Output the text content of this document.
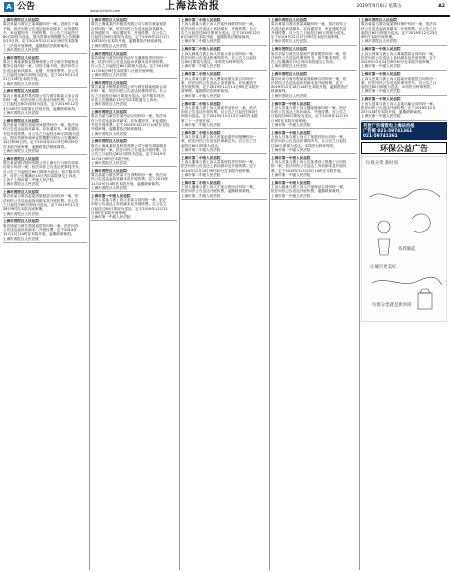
A 公告	www.shfazhi.com	上海法治报	2019年9月6日 星期五	A2
上海市普陀区人民法院
原告吴某与被告王某离婚纠纷一案，因被告下落
不明，依法向你公告送达起诉状副本、应诉通知
书、举证通知书、开庭传票。自公告之日起经过
60日即视为送达。提出答辩状的期限为公告期满
后15日内。定于2019年12月10日9时在本院第
十三法庭开庭审理，逾期将依法缺席裁判。
上海市普陀区人民法院
上海市普陀区人民法院
原告上海某某物业管理有限公司与被告李某物业
服务合同纠纷一案，因你下落不明，依法向你公
告送达起诉状副本、证据、开庭传票等。自公告
之日起经过60日即视为送达。定于2019年11月
21日10时在本院开庭。
上海市普陀区人民法院
上海市普陀区人民法院
原告上海某某贸易有限公司与被告陈某买卖合同
纠纷一案，依法向你公告送达开庭传票。自公告
之日起经过60日即视为送达，定于2019年12月
3日14时在本院第五法庭开庭，逾期缺席裁判。
上海市普陀区人民法院
上海市普陀区人民法院
原告张某与被告刘某民间借贷纠纷一案，依法向
你公告送达起诉状副本、应诉通知书、举证通知
书及开庭传票。自公告之日起经过60日即视为送
达，提出答辩状和举证的期限分别为公告期满后
15日和30日内。定于2019年12月5日9时30分
在本院开庭审理，逾期将依法缺席裁判。
上海市普陀区人民法院
上海市普陀区人民法院
原告某某银行股份有限公司上海分行与被告周某
信用卡纠纷一案，依法向你公告送达民事判决书。
自公告之日起经过60日即视为送达。如不服本判
决，可在公告期满后15日内向本院递交上诉状，
上诉于上海市第二中级人民法院。
上海市普陀区人民法院
上海市普陀区人民法院
原告孙某与被告赵某房屋租赁合同纠纷一案，依
法向你公告送达起诉状副本及开庭传票。自公告
之日起经过60日即视为送达。定于2019年11月
28日9时在本院开庭审理。
上海市普陀区人民法院
上海市普陀区人民法院
原告钱某与被告郑某追偿权纠纷一案，依法向你
公告送达起诉状副本、开庭传票。定于2019年
12月12日14时在本院开庭，逾期缺席裁判。
上海市普陀区人民法院
上海市普陀区人民法院
原告上海某某汽车租赁有限公司与被告黄某租赁
合同纠纷一案，依法向你公告送达起诉状副本、
应诉通知书、举证通知书、开庭传票。自公告之
日起经过60日即视为送达。定于2019年12月2日
13时30分在本院开庭，逾期将依法缺席裁判。
上海市普陀区人民法院
上海市普陀区人民法院
原告徐某与被告何某机动车交通事故责任纠纷一
案，依法向你公告送达起诉状副本及开庭传票。
自公告之日起经过60日即视为送达。定于2019年
11月26日9时在本院第八法庭开庭审理。
上海市普陀区人民法院
上海市普陀区人民法院
原告某某小额贷款有限公司与被告林某借款合同
纠纷一案，依法向你公告送达民事判决书。自公
告之日起经过60日即视为送达。如不服本判决，
可在公告期满后15日内向本院递交上诉状。
上海市普陀区人民法院
上海市普陀区人民法院
原告马某与被告朱某劳动合同纠纷一案，依法向
你公告送达起诉状副本、应诉通知书、举证通知
书及开庭传票。定于2019年12月9日10时在本院
开庭审理，逾期将依法缺席裁判。
上海市普陀区人民法院
上海市普陀区人民法院
原告上海某某信息科技有限公司与被告胡某服务
合同纠纷一案，依法向你公告送达开庭传票。自
公告之日起经过60日即视为送达。定于2019年
12月4日9时在本院开庭。
上海市普陀区人民法院
上海市普陀区人民法院
原告高某与被告罗某不当得利纠纷一案，依法向
你公告送达起诉状副本及开庭传票。定于2019年
11月29日14时在本院开庭，逾期缺席裁判。
上海市普陀区人民法院
上海市第一中级人民法院
上诉人梁某与被上诉人宋某合同纠纷一案，依法
向你公告送达上诉状副本及开庭传票。自公告之
日起经过60日即视为送达。定于2019年12月11
日9时在本院开庭审理。
上海市第一中级人民法院
上海市第二中级人民法院
上诉人唐某与被上诉人许某民间借贷纠纷一案，
依法向你公告送达上诉状副本、开庭传票。自公
告之日起经过60日即视为送达。定于2019年12月
6日14时在本院开庭，逾期将依法缺席裁判。
上海市第二中级人民法院
上海市第二中级人民法院
上诉人韩某与被上诉人冯某买卖合同纠纷一案，
依法向你公告送达民事判决书。自公告之日起经
过60日即视为送达，本判决为终审判决。
上海市第二中级人民法院
上海市第二中级人民法院
上诉人邓某与被上诉人曹某房屋买卖合同纠纷一
案，依法向你公告送达上诉状副本、应诉通知书
及开庭传票。定于2019年12月13日9时在本院开
庭审理，逾期将依法缺席裁判。
上海市第二中级人民法院
上海市第二中级人民法院
上诉人彭某与被上诉人曾某劳动争议一案，依法
向你公告送达开庭传票。自公告之日起经过60日
即视为送达。定于2019年12月10日14时在本院
第二十一法庭开庭。
上海市第二中级人民法院
上海市第二中级人民法院
上诉人肖某与被上诉人田某追索劳动报酬纠纷一
案，依法向你公告送达民事裁定书。自公告之日
起经过60日即视为送达。
上海市第二中级人民法院
上海市第二中级人民法院
上诉人董某与被上诉人袁某侵权责任纠纷一案，
依法向你公告送达上诉状副本及开庭传票。定于
2019年12月16日9时30分在本院开庭审理。
上海市第二中级人民法院
上海市第二中级人民法院
上诉人潘某与被上诉人于某合伙协议纠纷一案，
依法向你公告送达开庭传票，逾期缺席裁判。
上海市第二中级人民法院
上海市普陀区人民法院
原告蒋某与被告蔡某离婚纠纷一案，依法向你公
告送达起诉状副本、应诉通知书、举证通知书及
开庭传票。自公告之日起经过60日即视为送达。
定于2019年12月17日9时在本院开庭审理。
上海市普陀区人民法院
上海市普陀区人民法院
原告余某与被告杜某财产损害赔偿纠纷一案，依
法向你公告送达民事判决书。如不服本判决，可
在公告期满后15日内向本院递交上诉状。
上海市普陀区人民法院
上海市普陀区人民法院
原告叶某与被告程某装饰装修合同纠纷一案，依
法向你公告送达起诉状副本及开庭传票。定于
2019年12月18日14时在本院开庭，逾期将依法
缺席裁判。
上海市普陀区人民法院
上海市第一中级人民法院
上诉人苏某与被上诉人魏某继承纠纷一案，依法
向你公告送达上诉状副本、开庭传票。自公告之
日起经过60日即视为送达。定于2019年12月19
日9时在本院开庭审理。
上海市第一中级人民法院
上海市第一中级人民法院
上诉人吕某与被上诉人丁某股权转让纠纷一案，
依法向你公告送达民事判决书。自公告之日起经
过60日即视为送达，本判决为终审判决。
上海市第一中级人民法院
上海市第一中级人民法院
上诉人任某与被上诉人沈某建设工程施工合同纠
纷一案，依法向你公告送达上诉状副本及开庭传
票。定于2019年12月20日14时在本院开庭。
上海市第一中级人民法院
上海市第一中级人民法院
上诉人姚某与被上诉人卢某保证合同纠纷一案，
依法向你公告送达开庭传票，逾期缺席裁判。
上海市第一中级人民法院
上海市普陀区人民法院
原告姜某与被告崔某物权保护纠纷一案，依法向
你公告送达起诉状副本、开庭传票。自公告之日
起经过60日即视为送达。定于2019年12月23日
9时在本院开庭审理。
上海市普陀区人民法院
上海市第一中级人民法院
上诉人钟某与被上诉人谭某借款合同纠纷一案，
依法向你公告送达上诉状副本及开庭传票。定于
2019年12月24日9时30分在本院开庭审理。
上海市第一中级人民法院
上海市第一中级人民法院
上诉人汪某与被上诉人陆某房屋租赁合同纠纷一
案，依法向你公告送达民事判决书。自公告之日
起经过60日即视为送达，本判决为终审判决。
上海市第一中级人民法院
上海市第一中级人民法院
上诉人范某与被上诉人金某运输合同纠纷一案，
依法向你公告送达开庭传票。定于2019年12月
25日14时在本院开庭，逾期缺席裁判。
上海市第一中级人民法院
刊登广告请致电上海法治报
广告部 021-59741361
021-59741361
环保公益广告
垃圾分类 新时尚
让城市更美好
从我做起
垃圾分类就是新时尚
